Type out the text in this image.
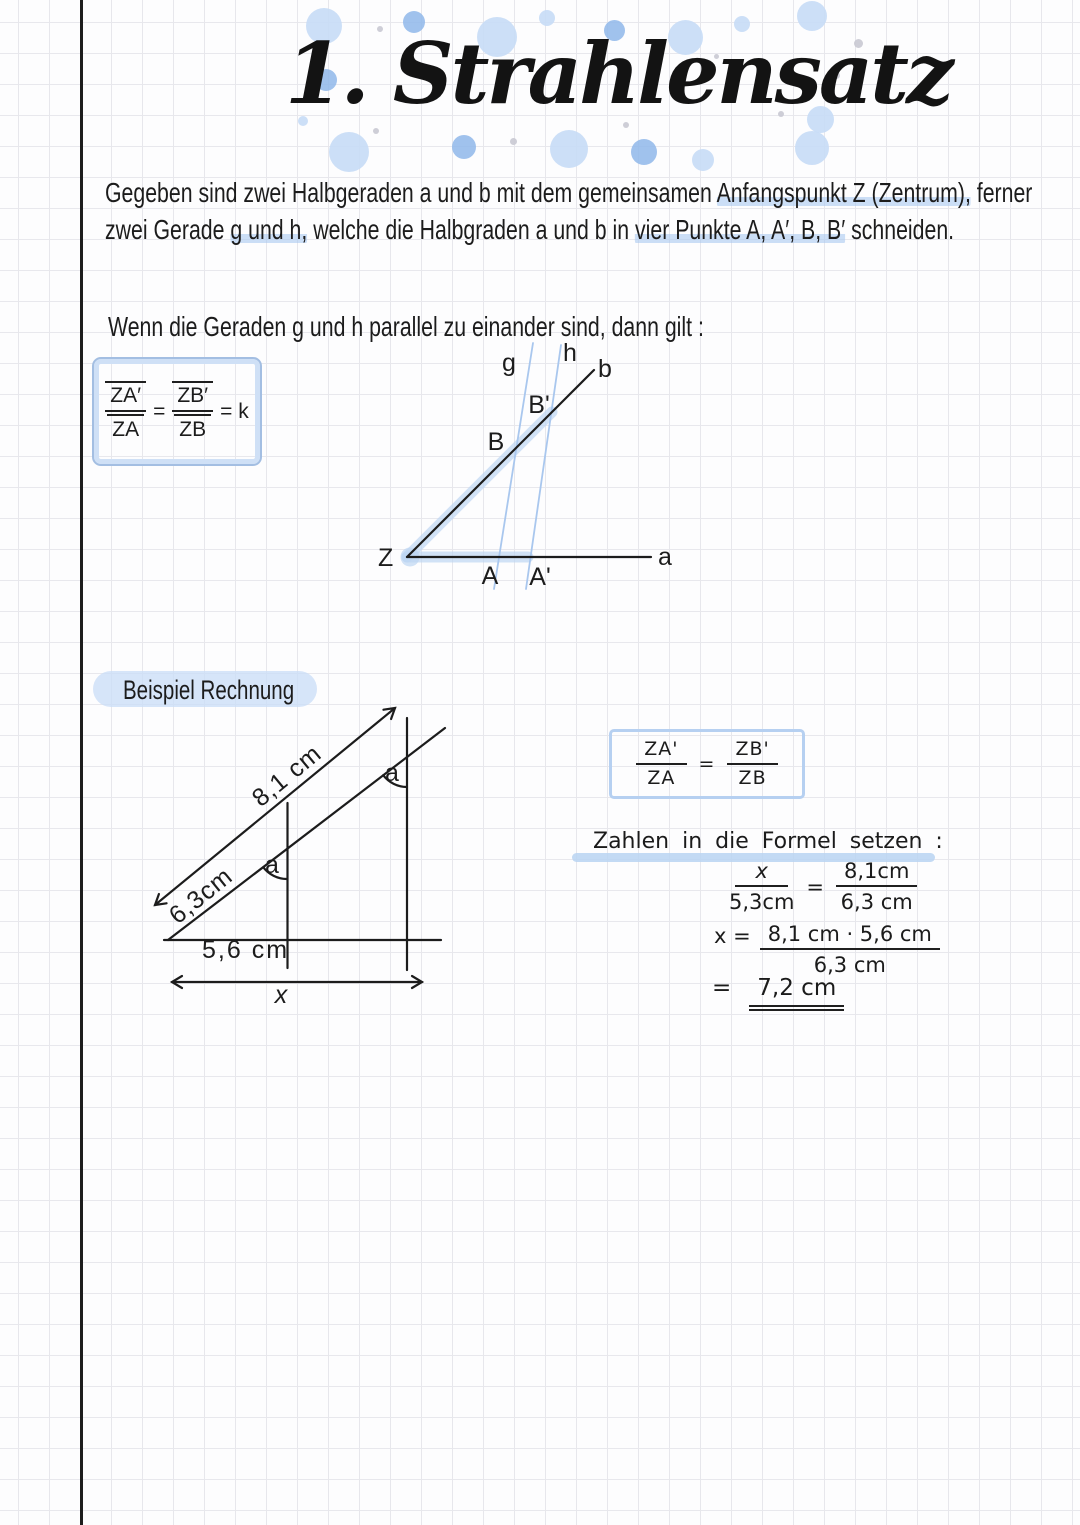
1. Strahlensatz
Gegeben sind zwei Halbgeraden a und b mit dem gemeinsamen Anfangspunkt Z (Zentrum), ferner
zwei Gerade g und h, welche die Halbgraden a und b in vier Punkte A, A′, B, B′ schneiden.
Wenn die Geraden g und h parallel zu einander sind, dann gilt :
$\frac{ZA'}{ZA} = \frac{ZB'}{ZB} = k$
Z	a
b
g h
B
B'
A A'
Beispiel Rechnung
a
a
8,1 cm
6,3cm
5,6 cm
x
$\frac{ZA'}{ZA} = \frac{ZB'}{ZB}$
Zahlen in die Formel setzen :
$\frac{x}{5,3cm} = \frac{8,1cm}{6,3 cm}$
$x = \frac{8,1 cm \cdot 5,6 cm}{6,3 cm}$
=	7,2 cm
